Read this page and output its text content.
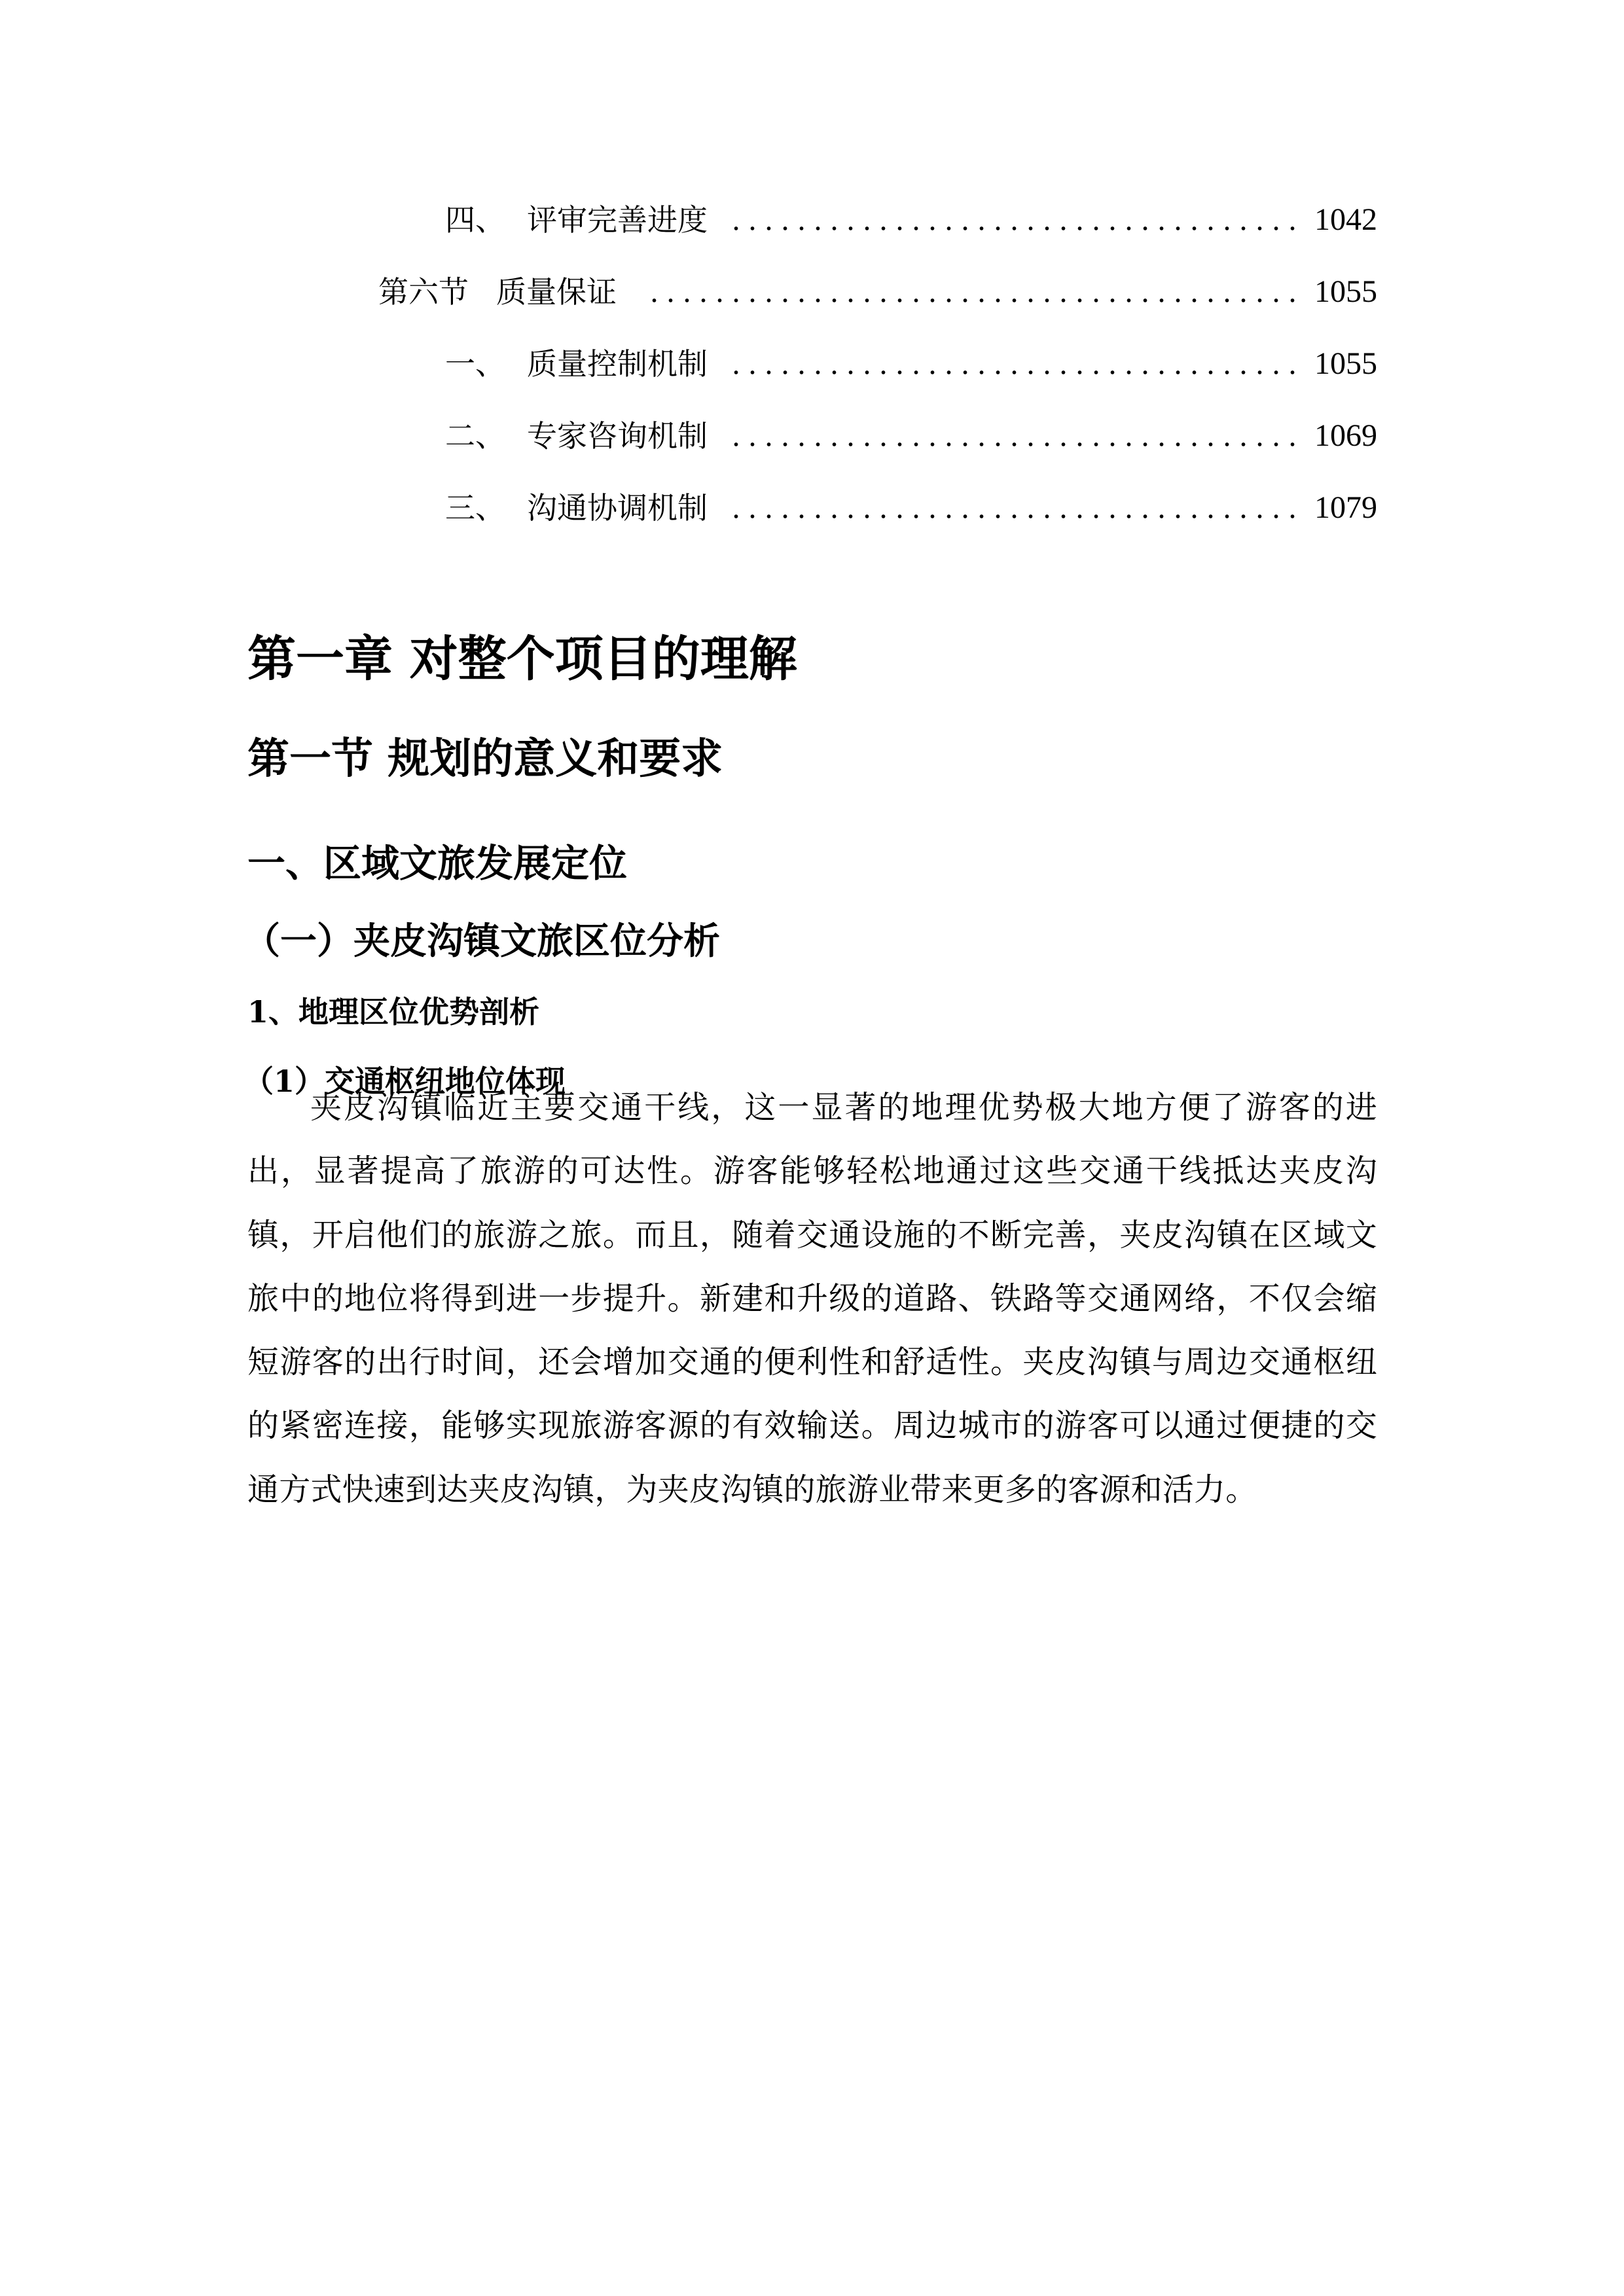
四、 评审完善进度	1042
第六节 质量保证	1055
一、 质量控制机制	1055
二、 专家咨询机制	1069
三、 沟通协调机制	1079
第一章 对整个项目的理解
第一节 规划的意义和要求
一、区域文旅发展定位
（一）夹皮沟镇文旅区位分析
1、地理区位优势剖析
（1）交通枢纽地位体现

夹皮沟镇临近主要交通干线，这一显著的地理优势极大地方便了游客的进出，显著提高了旅游的可达性。游客能够轻松地通过这些交通干线抵达夹皮沟镇，开启他们的旅游之旅。而且，随着交通设施的不断完善，夹皮沟镇在区域文旅中的地位将得到进一步提升。新建和升级的道路、铁路等交通网络，不仅会缩短游客的出行时间，还会增加交通的便利性和舒适性。夹皮沟镇与周边交通枢纽的紧密连接，能够实现旅游客源的有效输送。周边城市的游客可以通过便捷的交通方式快速到达夹皮沟镇，为夹皮沟镇的旅游业带来更多的客源和活力。
